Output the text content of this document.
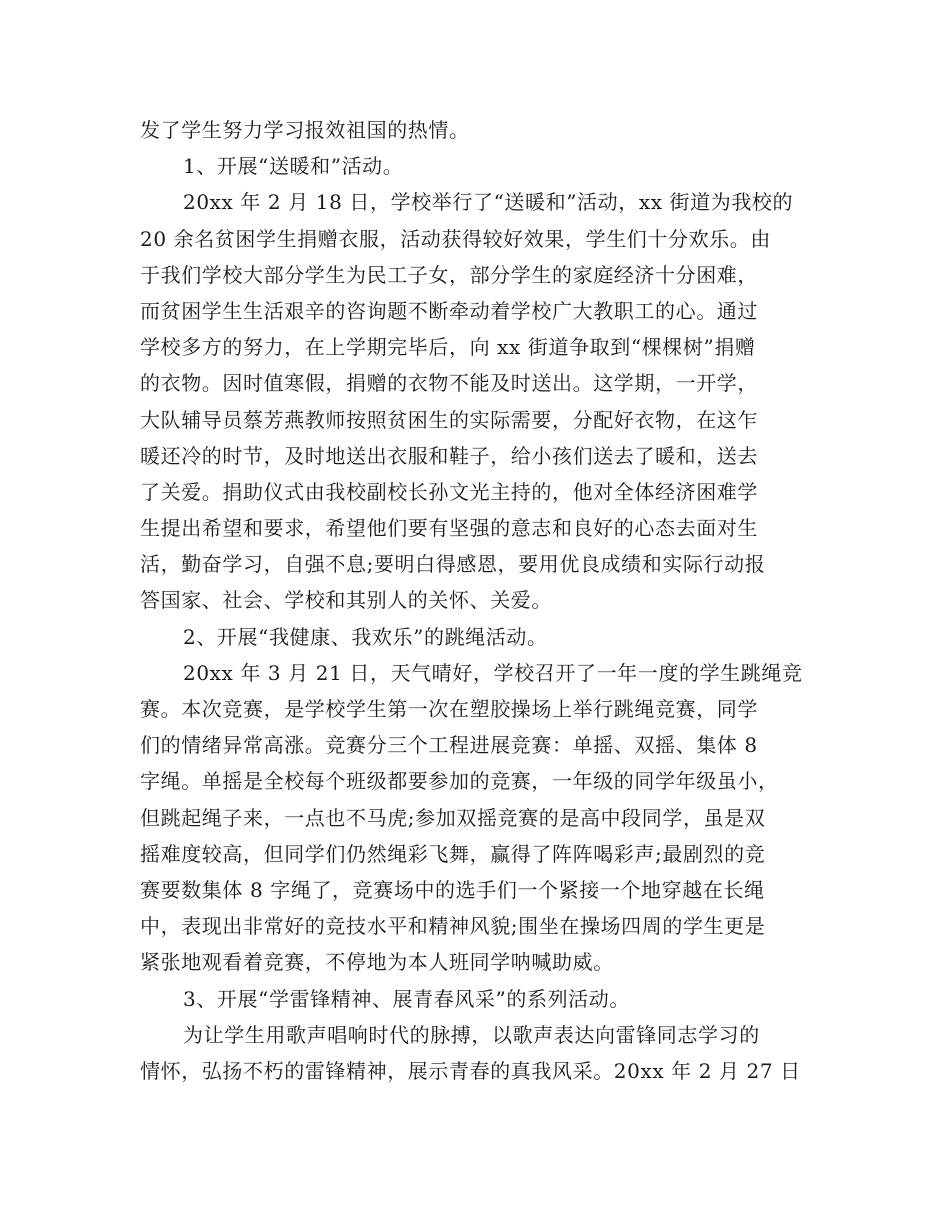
发了学生努力学习报效祖国的热情。
1、开展“送暖和”活动。
20xx 年 2 月 18 日，学校举行了“送暖和”活动，xx 街道为我校的
20 余名贫困学生捐赠衣服，活动获得较好效果，学生们十分欢乐。由
于我们学校大部分学生为民工子女，部分学生的家庭经济十分困难，
而贫困学生生活艰辛的咨询题不断牵动着学校广大教职工的心。通过
学校多方的努力，在上学期完毕后，向 xx 街道争取到“棵棵树”捐赠
的衣物。因时值寒假，捐赠的衣物不能及时送出。这学期，一开学，
大队辅导员蔡芳燕教师按照贫困生的实际需要，分配好衣物，在这乍
暖还冷的时节，及时地送出衣服和鞋子，给小孩们送去了暖和，送去
了关爱。捐助仪式由我校副校长孙文光主持的，他对全体经济困难学
生提出希望和要求，希望他们要有坚强的意志和良好的心态去面对生
活，勤奋学习，自强不息;要明白得感恩，要用优良成绩和实际行动报
答国家、社会、学校和其别人的关怀、关爱。
2、开展“我健康、我欢乐”的跳绳活动。
20xx 年 3 月 21 日，天气晴好，学校召开了一年一度的学生跳绳竞
赛。本次竞赛，是学校学生第一次在塑胶操场上举行跳绳竞赛，同学
们的情绪异常高涨。竞赛分三个工程进展竞赛：单摇、双摇、集体 8
字绳。单摇是全校每个班级都要参加的竞赛，一年级的同学年级虽小，
但跳起绳子来，一点也不马虎;参加双摇竞赛的是高中段同学，虽是双
摇难度较高，但同学们仍然绳彩飞舞，赢得了阵阵喝彩声;最剧烈的竞
赛要数集体 8 字绳了，竞赛场中的选手们一个紧接一个地穿越在长绳
中，表现出非常好的竞技水平和精神风貌;围坐在操场四周的学生更是
紧张地观看着竞赛，不停地为本人班同学呐喊助威。
3、开展“学雷锋精神、展青春风采”的系列活动。
为让学生用歌声唱响时代的脉搏，以歌声表达向雷锋同志学习的
情怀，弘扬不朽的雷锋精神，展示青春的真我风采。20xx 年 2 月 27 日
